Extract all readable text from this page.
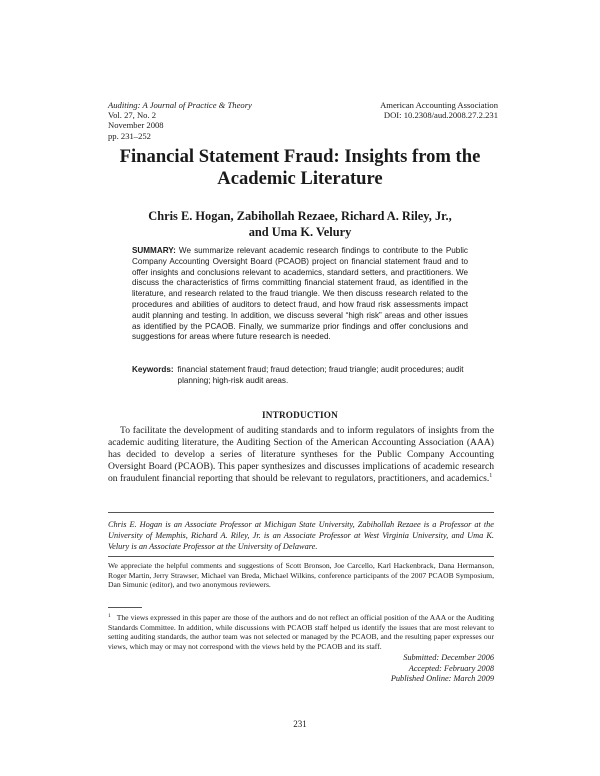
Auditing: A Journal of Practice & Theory
Vol. 27, No. 2
November 2008
pp. 231–252
American Accounting Association
DOI: 10.2308/aud.2008.27.2.231
Financial Statement Fraud: Insights from the Academic Literature
Chris E. Hogan, Zabihollah Rezaee, Richard A. Riley, Jr.,
and Uma K. Velury
SUMMARY: We summarize relevant academic research findings to contribute to the Public Company Accounting Oversight Board (PCAOB) project on financial statement fraud and to offer insights and conclusions relevant to academics, standard setters, and practitioners. We discuss the characteristics of firms committing financial statement fraud, as identified in the literature, and research related to the fraud triangle. We then discuss research related to the procedures and abilities of auditors to detect fraud, and how fraud risk assessments impact audit planning and testing. In addition, we discuss several “high risk” areas and other issues as identified by the PCAOB. Finally, we summarize prior findings and offer conclusions and suggestions for areas where future research is needed.
Keywords: financial statement fraud; fraud detection; fraud triangle; audit procedures; audit planning; high-risk audit areas.
INTRODUCTION

To facilitate the development of auditing standards and to inform regulators of insights from the academic auditing literature, the Auditing Section of the American Accounting Association (AAA) has decided to develop a series of literature syntheses for the Public Company Accounting Oversight Board (PCAOB). This paper synthesizes and discusses implications of academic research on fraudulent financial reporting that should be relevant to regulators, practitioners, and academics.$^1$

Chris E. Hogan is an Associate Professor at Michigan State University, Zabihollah Rezaee is a Professor at the University of Memphis, Richard A. Riley, Jr. is an Associate Professor at West Virginia University, and Uma K. Velury is an Associate Professor at the University of Delaware.

We appreciate the helpful comments and suggestions of Scott Bronson, Joe Carcello, Karl Hackenbrack, Dana Hermanson, Roger Martin, Jerry Strawser, Michael van Breda, Michael Wilkins, conference participants of the 2007 PCAOB Symposium, Dan Simunic (editor), and two anonymous reviewers.

$^1$ The views expressed in this paper are those of the authors and do not reflect an official position of the AAA or the Auditing Standards Committee. In addition, while discussions with PCAOB staff helped us identify the issues that are most relevant to setting auditing standards, the author team was not selected or managed by the PCAOB, and the resulting paper expresses our views, which may or may not correspond with the views held by the PCAOB and its staff.

Submitted: December 2006
Accepted: February 2008
Published Online: March 2009
231
